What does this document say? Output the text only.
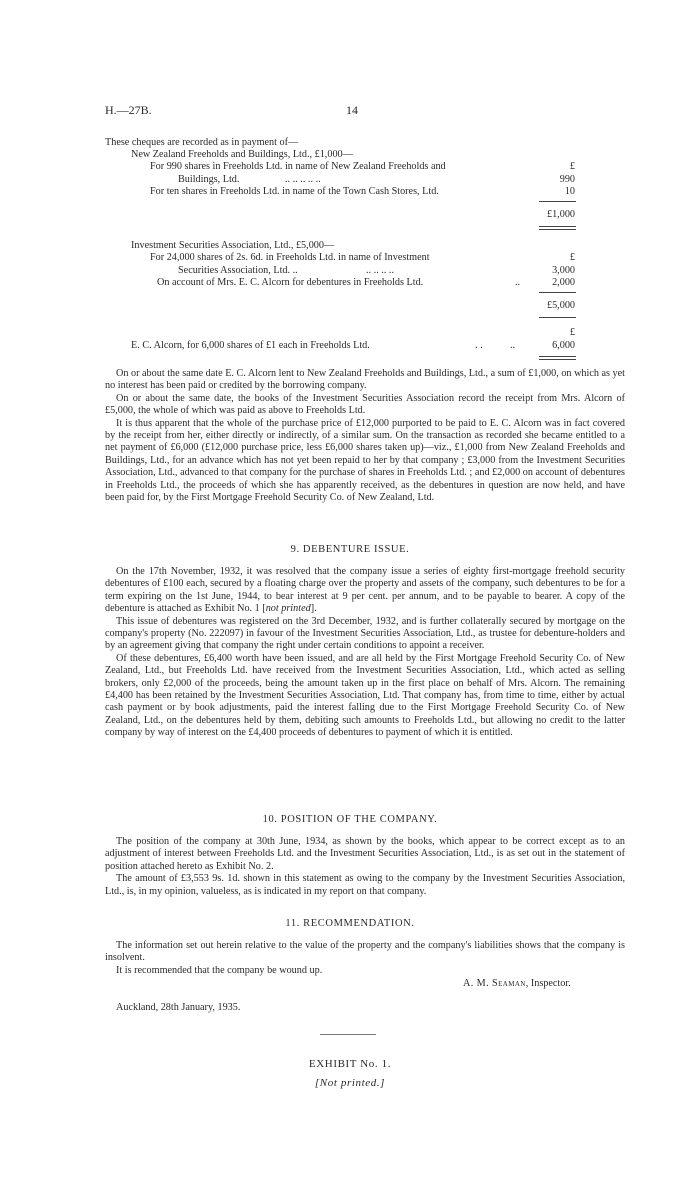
H.—27B.	14
These cheques are recorded as in payment of—
New Zealand Freeholds and Buildings, Ltd., £1,000—
For 990 shares in Freeholds Ltd. in name of New Zealand Freeholds and	£
Buildings, Ltd.	.. .. .. .. ..	990
For ten shares in Freeholds Ltd. in name of the Town Cash Stores, Ltd.	10
£1,000
Investment Securities Association, Ltd., £5,000—
For 24,000 shares of 2s. 6d. in Freeholds Ltd. in name of Investment	£
Securities Association, Ltd. ..	.. .. .. ..	3,000
On account of Mrs. E. C. Alcorn for debentures in Freeholds Ltd.	..	2,000
£5,000
£
E. C. Alcorn, for 6,000 shares of £1 each in Freeholds Ltd.	. .	..	6,000

On or about the same date E. C. Alcorn lent to New Zealand Freeholds and Buildings, Ltd., a sum of £1,000, on which as yet no interest has been paid or credited by the borrowing company.

On or about the same date, the books of the Investment Securities Association record the receipt from Mrs. Alcorn of £5,000, the whole of which was paid as above to Freeholds Ltd.

It is thus apparent that the whole of the purchase price of £12,000 purported to be paid to E. C. Alcorn was in fact covered by the receipt from her, either directly or indirectly, of a similar sum. On the transaction as recorded she became entitled to a net payment of £6,000 (£12,000 purchase price, less £6,000 shares taken up)—viz., £1,000 from New Zealand Freeholds and Buildings, Ltd., for an advance which has not yet been repaid to her by that company ; £3,000 from the Investment Securities Association, Ltd., advanced to that company for the purchase of shares in Freeholds Ltd. ; and £2,000 on account of debentures in Freeholds Ltd., the proceeds of which she has apparently received, as the debentures in question are now held, and have been paid for, by the First Mortgage Freehold Security Co. of New Zealand, Ltd.

9. DEBENTURE ISSUE.

On the 17th November, 1932, it was resolved that the company issue a series of eighty first-mortgage freehold security debentures of £100 each, secured by a floating charge over the property and assets of the company, such debentures to be for a term expiring on the 1st June, 1944, to bear interest at 9 per cent. per annum, and to be payable to bearer. A copy of the debenture is attached as Exhibit No. 1 [not printed].

This issue of debentures was registered on the 3rd December, 1932, and is further collaterally secured by mortgage on the company's property (No. 222097) in favour of the Investment Securities Association, Ltd., as trustee for debenture-holders and by an agreement giving that company the right under certain conditions to appoint a receiver.

Of these debentures, £6,400 worth have been issued, and are all held by the First Mortgage Freehold Security Co. of New Zealand, Ltd., but Freeholds Ltd. have received from the Investment Securities Association, Ltd., which acted as selling brokers, only £2,000 of the proceeds, being the amount taken up in the first place on behalf of Mrs. Alcorn. The remaining £4,400 has been retained by the Investment Securities Association, Ltd. That company has, from time to time, either by actual cash payment or by book adjustments, paid the interest falling due to the First Mortgage Freehold Security Co. of New Zealand, Ltd., on the debentures held by them, debiting such amounts to Freeholds Ltd., but allowing no credit to the latter company by way of interest on the £4,400 proceeds of debentures to payment of which it is entitled.

10. POSITION OF THE COMPANY.

The position of the company at 30th June, 1934, as shown by the books, which appear to be correct except as to an adjustment of interest between Freeholds Ltd. and the Investment Securities Association, Ltd., is as set out in the statement of position attached hereto as Exhibit No. 2.

The amount of £3,553 9s. 1d. shown in this statement as owing to the company by the Investment Securities Association, Ltd., is, in my opinion, valueless, as is indicated in my report on that company.

11. RECOMMENDATION.

The information set out herein relative to the value of the property and the company's liabilities shows that the company is insolvent.

It is recommended that the company be wound up.

A. M. Seaman, Inspector.
Auckland, 28th January, 1935.
EXHIBIT No. 1.
[Not printed.]
